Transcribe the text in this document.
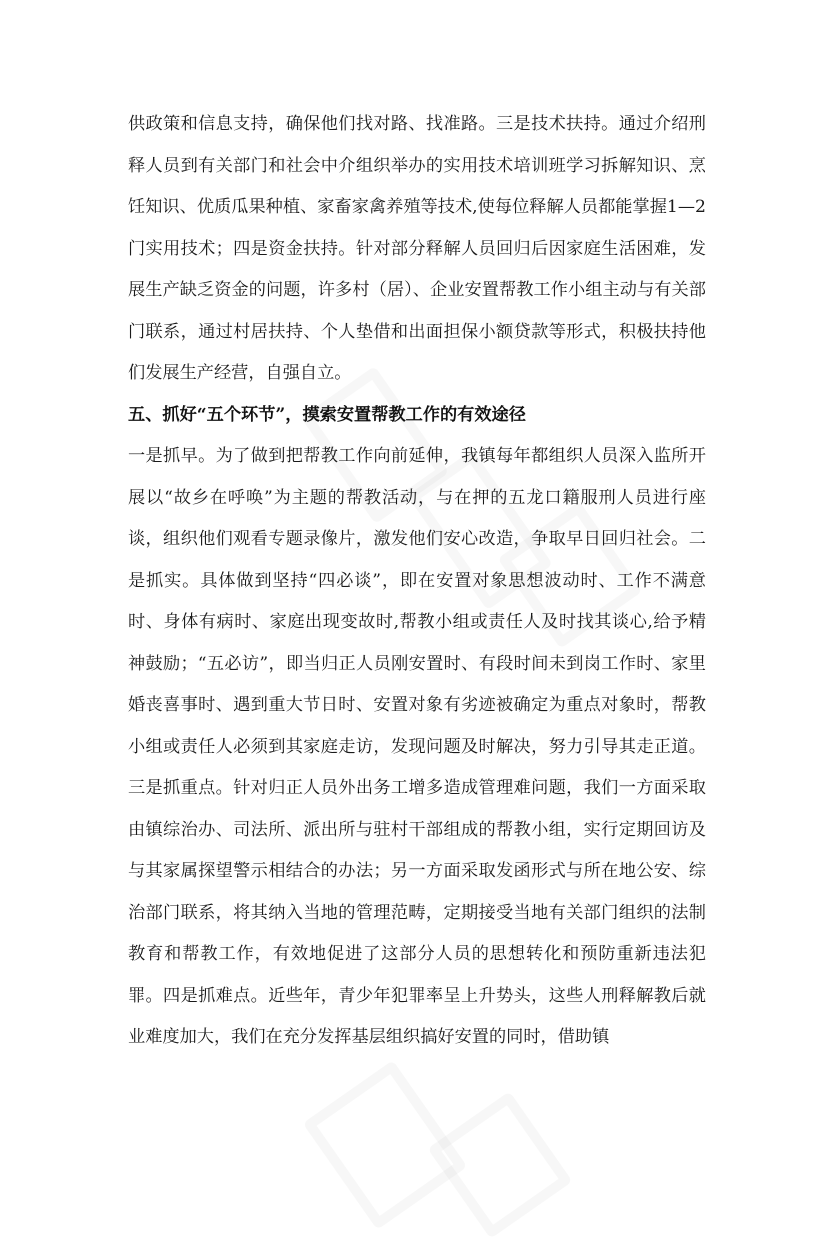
供政策和信息支持，确保他们找对路、找准路。三是技术扶持。通过介绍刑释人员到有关部门和社会中介组织举办的实用技术培训班学习拆解知识、烹饪知识、优质瓜果种植、家畜家禽养殖等技术,使每位释解人员都能掌握1—2门实用技术；四是资金扶持。针对部分释解人员回归后因家庭生活困难，发展生产缺乏资金的问题，许多村（居）、企业安置帮教工作小组主动与有关部门联系，通过村居扶持、个人垫借和出面担保小额贷款等形式，积极扶持他们发展生产经营，自强自立。

五、抓好“五个环节”，摸索安置帮教工作的有效途径

一是抓早。为了做到把帮教工作向前延伸，我镇每年都组织人员深入监所开展以“故乡在呼唤”为主题的帮教活动，与在押的五龙口籍服刑人员进行座谈，组织他们观看专题录像片，激发他们安心改造，争取早日回归社会。二是抓实。具体做到坚持“四必谈”，即在安置对象思想波动时、工作不满意时、身体有病时、家庭出现变故时,帮教小组或责任人及时找其谈心,给予精神鼓励；“五必访”，即当归正人员刚安置时、有段时间未到岗工作时、家里婚丧喜事时、遇到重大节日时、安置对象有劣迹被确定为重点对象时，帮教小组或责任人必须到其家庭走访，发现问题及时解决，努力引导其走正道。三是抓重点。针对归正人员外出务工增多造成管理难问题，我们一方面采取由镇综治办、司法所、派出所与驻村干部组成的帮教小组，实行定期回访及与其家属探望警示相结合的办法；另一方面采取发函形式与所在地公安、综治部门联系，将其纳入当地的管理范畴，定期接受当地有关部门组织的法制教育和帮教工作，有效地促进了这部分人员的思想转化和预防重新违法犯罪。四是抓难点。近些年，青少年犯罪率呈上升势头，这些人刑释解教后就业难度加大，我们在充分发挥基层组织搞好安置的同时，借助镇
